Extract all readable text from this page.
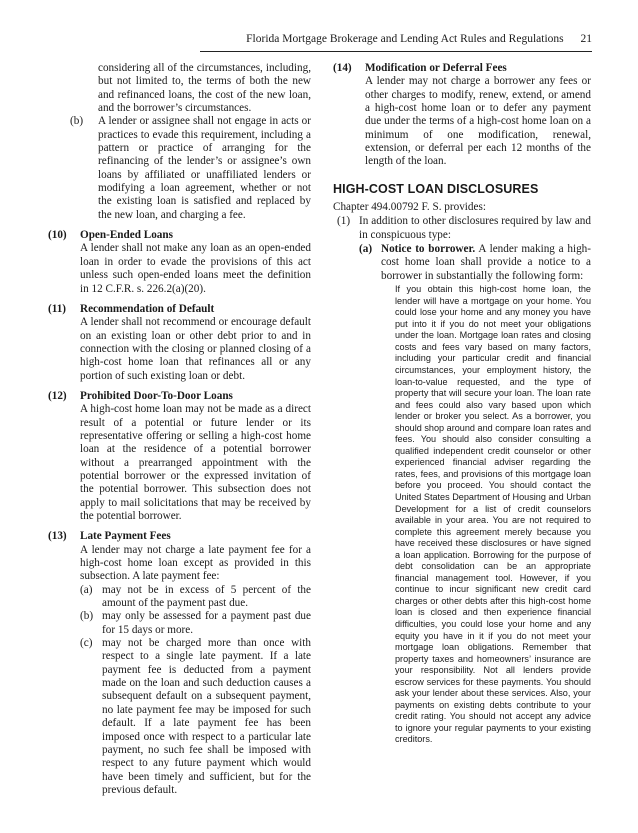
Florida Mortgage Brokerage and Lending Act Rules and Regulations 21
considering all of the circumstances, including, but not limited to, the terms of both the new and refinanced loans, the cost of the new loan, and the borrower’s circumstances.
(b)	A lender or assignee shall not engage in acts or practices to evade this requirement, including a pattern or practice of arranging for the refinancing of the lender’s or assignee’s own loans by affiliated or unaffiliated lenders or modifying a loan agreement, whether or not the existing loan is satisfied and replaced by the new loan, and charging a fee.
(10)	Open-Ended Loans
A lender shall not make any loan as an open-ended loan in order to evade the provisions of this act unless such open-ended loans meet the definition in 12 C.F.R. s. 226.2(a)(20).
(11)	Recommendation of Default
A lender shall not recommend or encourage default on an existing loan or other debt prior to and in connection with the closing or planned closing of a high-cost home loan that refinances all or any portion of such existing loan or debt.
(12)	Prohibited Door-To-Door Loans
A high-cost home loan may not be made as a direct result of a potential or future lender or its representative offering or selling a high-cost home loan at the residence of a potential borrower without a prearranged appointment with the potential borrower or the expressed invitation of the potential borrower. This subsection does not apply to mail solicitations that may be received by the potential borrower.
(13)	Late Payment Fees
A lender may not charge a late payment fee for a high-cost home loan except as provided in this subsection. A late payment fee:
(a) may not be in excess of 5 percent of the amount of the payment past due.
(b) may only be assessed for a payment past due for 15 days or more.
(c) may not be charged more than once with respect to a single late payment. If a late payment fee is deducted from a payment made on the loan and such deduction causes a subsequent default on a subsequent payment, no late payment fee may be imposed for such default. If a late payment fee has been imposed once with respect to a particular late payment, no such fee shall be imposed with respect to any future payment which would have been timely and sufficient, but for the previous default.
(14)	Modification or Deferral Fees
A lender may not charge a borrower any fees or other charges to modify, renew, extend, or amend a high-cost home loan or to defer any payment due under the terms of a high-cost home loan on a minimum of one modification, renewal, extension, or deferral per each 12 months of the length of the loan.
HIGH-COST LOAN DISCLOSURES
Chapter 494.00792 F. S. provides:
(1) In addition to other disclosures required by law and in conspicuous type:
(a) Notice to borrower. A lender making a high-cost home loan shall provide a notice to a borrower in substantially the following form:
If you obtain this high-cost home loan, the lender will have a mortgage on your home. You could lose your home and any money you have put into it if you do not meet your obligations under the loan. Mortgage loan rates and closing costs and fees vary based on many factors, including your particular credit and financial circumstances, your employment history, the loan-to-value requested, and the type of property that will secure your loan. The loan rate and fees could also vary based upon which lender or broker you select. As a borrower, you should shop around and compare loan rates and fees. You should also consider consulting a qualified independent credit counselor or other experienced financial adviser regarding the rates, fees, and provisions of this mortgage loan before you proceed. You should contact the United States Department of Housing and Urban Development for a list of credit counselors available in your area. You are not required to complete this agreement merely because you have received these disclosures or have signed a loan application. Borrowing for the purpose of debt consolidation can be an appropriate financial management tool. However, if you continue to incur significant new credit card charges or other debts after this high-cost home loan is closed and then experience financial difficulties, you could lose your home and any equity you have in it if you do not meet your mortgage loan obligations. Remember that property taxes and homeowners’ insurance are your responsibility. Not all lenders provide escrow services for these payments. You should ask your lender about these services. Also, your payments on existing debts contribute to your credit rating. You should not accept any advice to ignore your regular payments to your existing creditors.
